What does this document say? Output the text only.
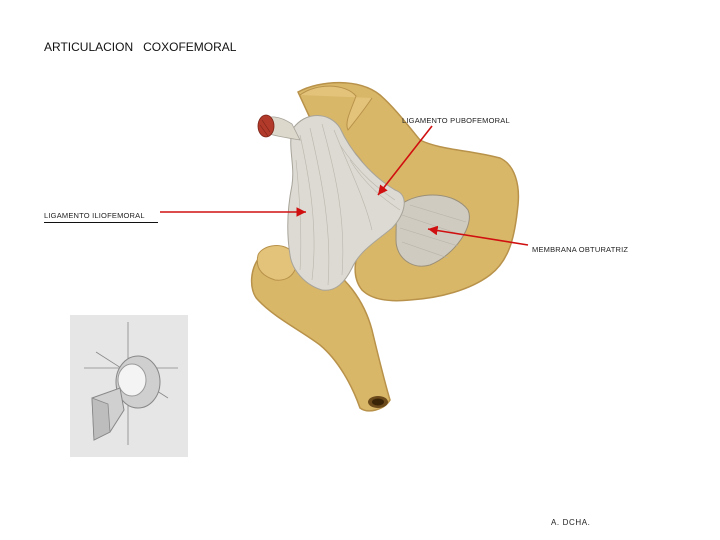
ARTICULACION   COXOFEMORAL
LIGAMENTO PUBOFEMORAL
LIGAMENTO ILIOFEMORAL
MEMBRANA OBTURATRIZ
A. DCHA.
